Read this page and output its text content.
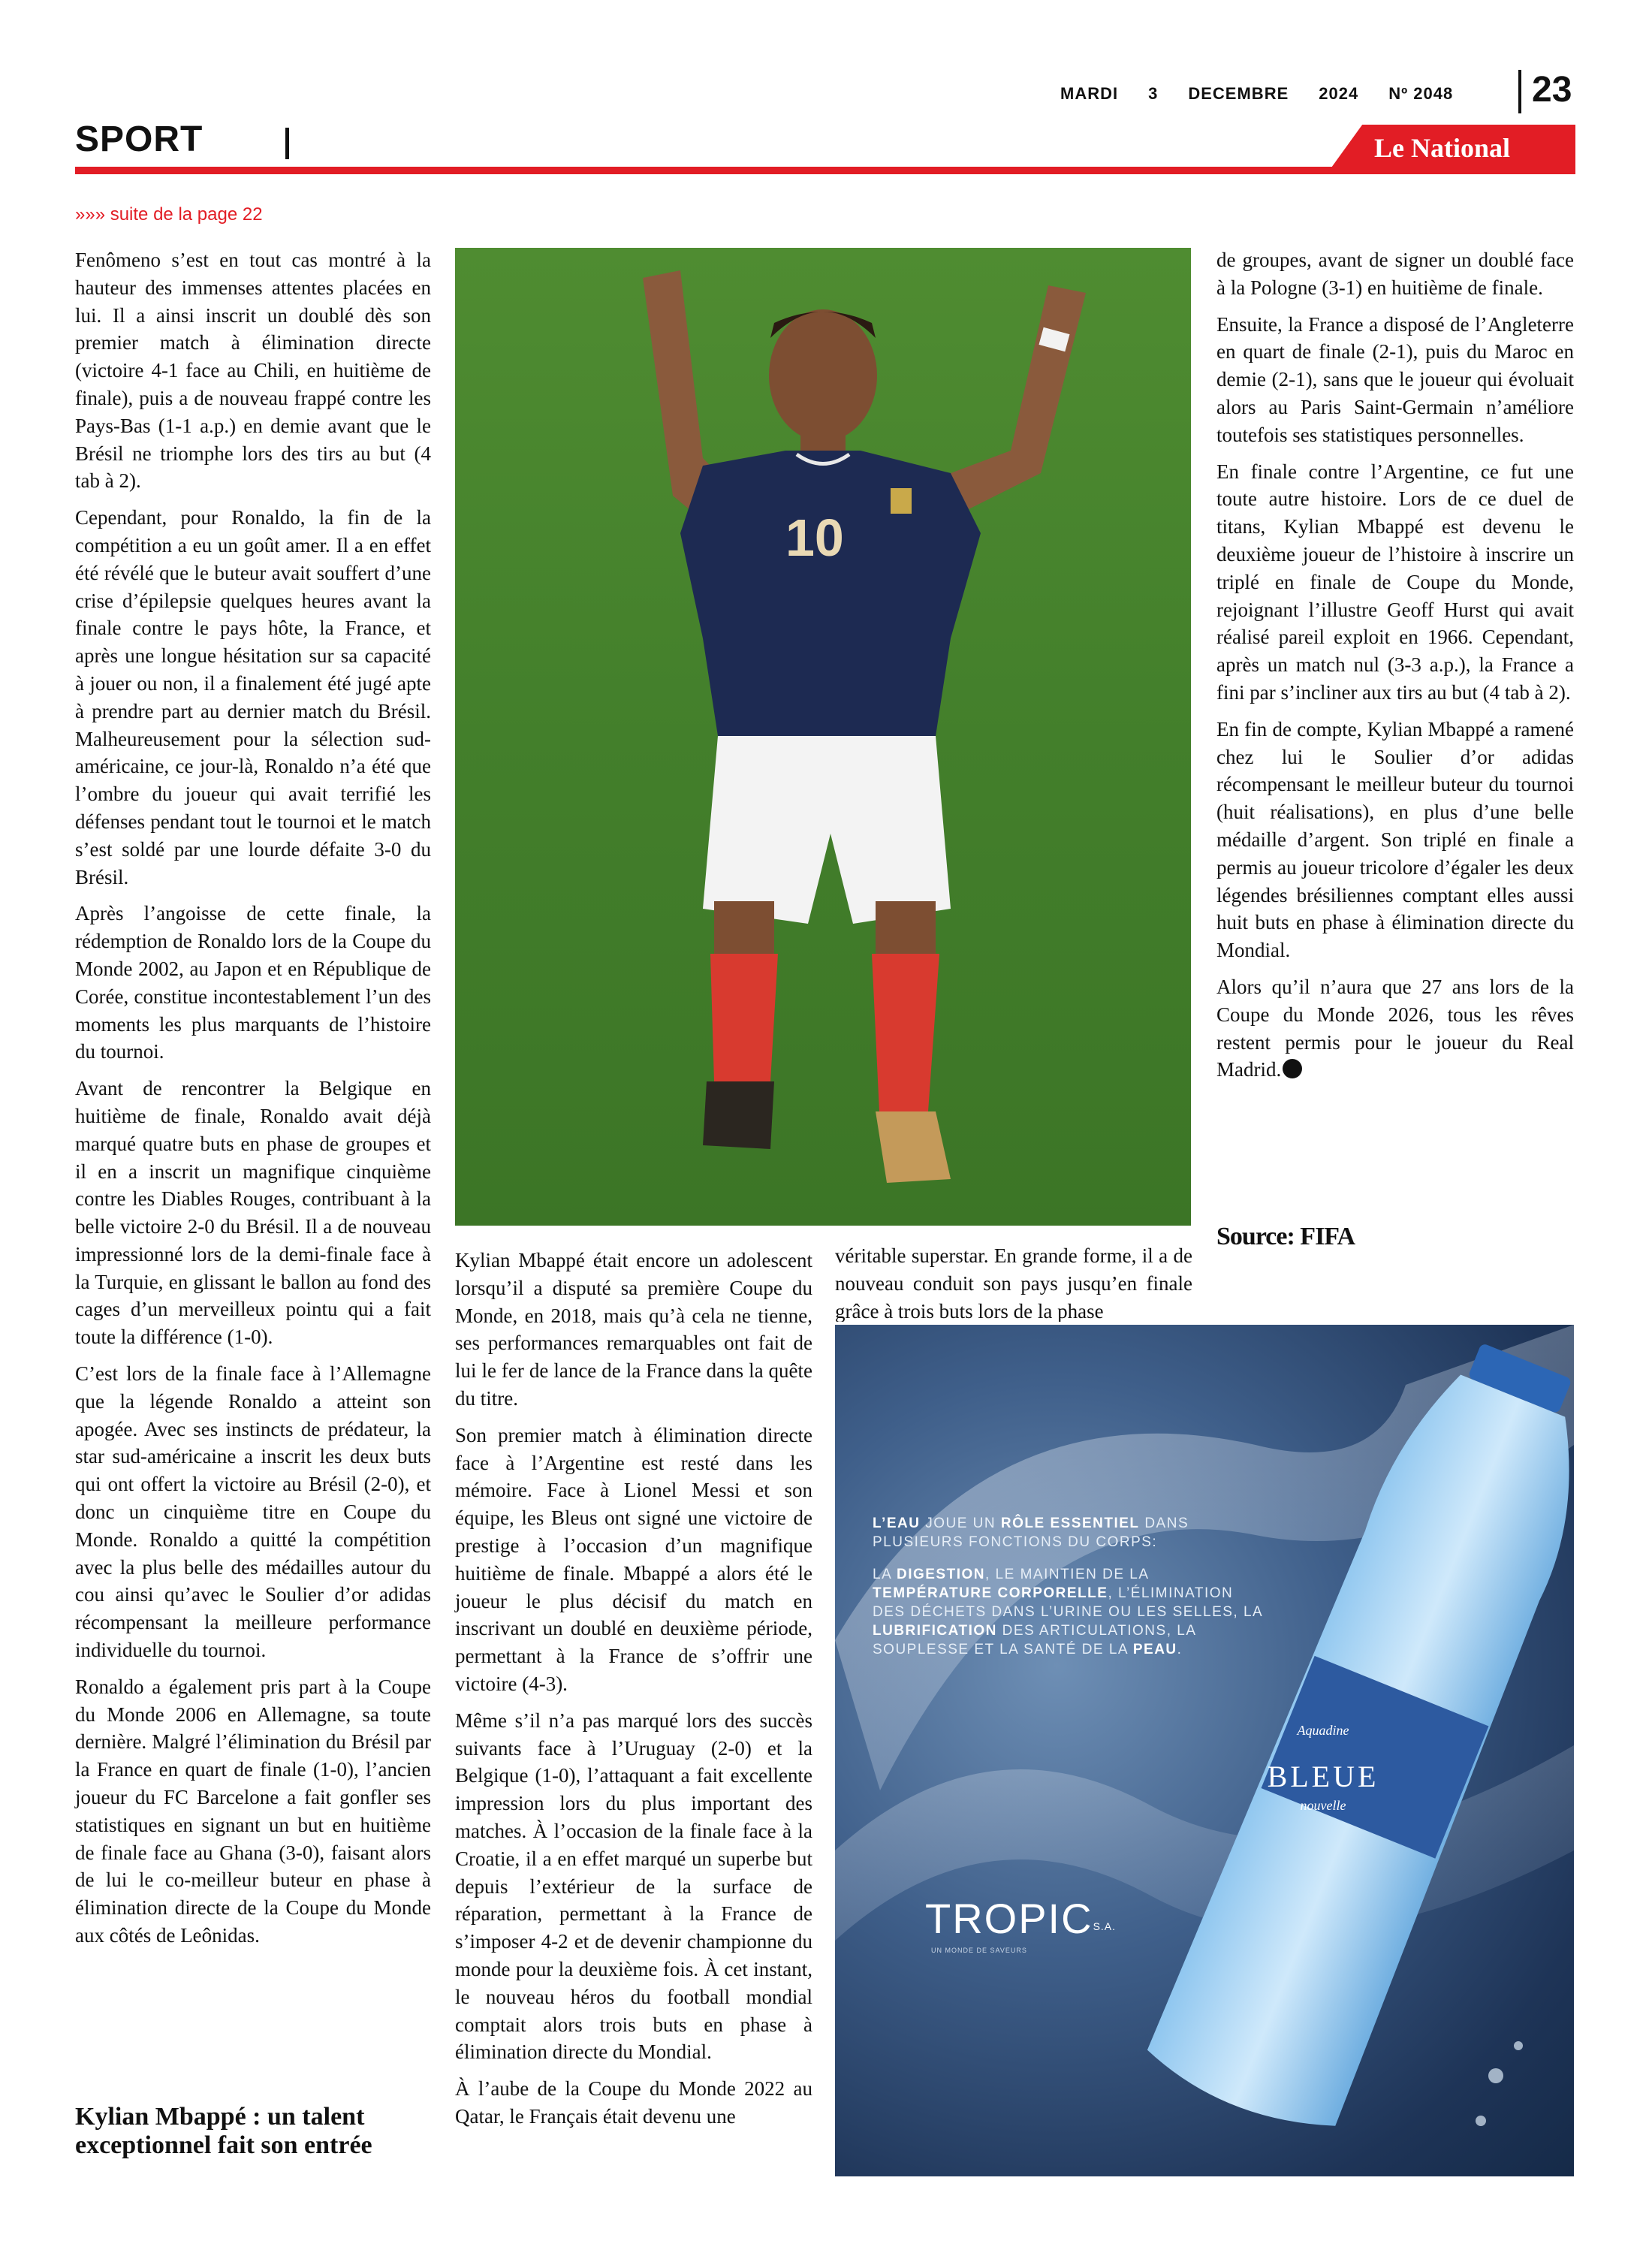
MARDI 3 DECEMBRE 2024 Nº 2048	23
SPORT	Le National
»»» suite de la page 22

Fenômeno s’est en tout cas montré à la hauteur des immenses attentes placées en lui. Il a ainsi inscrit un doublé dès son premier match à élimination directe (victoire 4-1 face au Chili, en huitième de finale), puis a de nouveau frappé contre les Pays-Bas (1-1 a.p.) en demie avant que le Brésil ne triomphe lors des tirs au but (4 tab à 2).

Cependant, pour Ronaldo, la fin de la compétition a eu un goût amer. Il a en effet été révélé que le buteur avait souffert d’une crise d’épilepsie quelques heures avant la finale contre le pays hôte, la France, et après une longue hésitation sur sa capacité à jouer ou non, il a finalement été jugé apte à prendre part au dernier match du Brésil. Malheureusement pour la sélection sud-américaine, ce jour-là, Ronaldo n’a été que l’ombre du joueur qui avait terrifié les défenses pendant tout le tournoi et le match s’est soldé par une lourde défaite 3-0 du Brésil.

Après l’angoisse de cette finale, la rédemption de Ronaldo lors de la Coupe du Monde 2002, au Japon et en République de Corée, constitue incontestablement l’un des moments les plus marquants de l’histoire du tournoi.

Avant de rencontrer la Belgique en huitième de finale, Ronaldo avait déjà marqué quatre buts en phase de groupes et il en a inscrit un magnifique cinquième contre les Diables Rouges, contribuant à la belle victoire 2-0 du Brésil. Il a de nouveau impressionné lors de la demi-finale face à la Turquie, en glissant le ballon au fond des cages d’un merveilleux pointu qui a fait toute la différence (1-0).

C’est lors de la finale face à l’Allemagne que la légende Ronaldo a atteint son apogée. Avec ses instincts de prédateur, la star sud-américaine a inscrit les deux buts qui ont offert la victoire au Brésil (2-0), et donc un cinquième titre en Coupe du Monde. Ronaldo a quitté la compétition avec la plus belle des médailles autour du cou ainsi qu’avec le Soulier d’or adidas récompensant la meilleure performance individuelle du tournoi.

Ronaldo a également pris part à la Coupe du Monde 2006 en Allemagne, sa toute dernière. Malgré l’élimination du Brésil par la France en quart de finale (1-0), l’ancien joueur du FC Barcelone a fait gonfler ses statistiques en signant un but en huitième de finale face au Ghana (3-0), faisant alors de lui le co-meilleur buteur en phase à élimination directe de la Coupe du Monde aux côtés de Leônidas.

Kylian Mbappé : un talent exceptionnel fait son entrée
10

Kylian Mbappé était encore un adolescent lorsqu’il a disputé sa première Coupe du Monde, en 2018, mais qu’à cela ne tienne, ses performances remarquables ont fait de lui le fer de lance de la France dans la quête du titre.

Son premier match à élimination directe face à l’Argentine est resté dans les mémoire. Face à Lionel Messi et son équipe, les Bleus ont signé une victoire de prestige à l’occasion d’un magnifique huitième de finale. Mbappé a alors été le joueur le plus décisif du match en inscrivant un doublé en deuxième période, permettant à la France de s’offrir une victoire (4-3).

Même s’il n’a pas marqué lors des succès suivants face à l’Uruguay (2-0) et la Belgique (1-0), l’attaquant a fait excellente impression lors du plus important des matches. À l’occasion de la finale face à la Croatie, il a en effet marqué un superbe but depuis l’extérieur de la surface de réparation, permettant à la France de s’imposer 4-2 et de devenir championne du monde pour la deuxième fois. À cet instant, le nouveau héros du football mondial comptait alors trois buts en phase à élimination directe du Mondial.

À l’aube de la Coupe du Monde 2022 au Qatar, le Français était devenu une

véritable superstar. En grande forme, il a de nouveau conduit son pays jusqu’en finale grâce à trois buts lors de la phase

de groupes, avant de signer un doublé face à la Pologne (3-1) en huitième de finale.

Ensuite, la France a disposé de l’Angleterre en quart de finale (2-1), puis du Maroc en demie (2-1), sans que le joueur qui évoluait alors au Paris Saint-Germain n’améliore toutefois ses statistiques personnelles.

En finale contre l’Argentine, ce fut une toute autre histoire. Lors de ce duel de titans, Kylian Mbappé est devenu le deuxième joueur de l’histoire à inscrire un triplé en finale de Coupe du Monde, rejoignant l’illustre Geoff Hurst qui avait réalisé pareil exploit en 1966. Cependant, après un match nul (3-3 a.p.), la France a fini par s’incliner aux tirs au but (4 tab à 2).

En fin de compte, Kylian Mbappé a ramené chez lui le Soulier d’or adidas récompensant le meilleur buteur du tournoi (huit réalisations), en plus d’une belle médaille d’argent. Son triplé en finale a permis au joueur tricolore d’égaler les deux légendes brésiliennes comptant elles aussi huit buts en phase à élimination directe du Mondial.

Alors qu’il n’aura que 27 ans lors de la Coupe du Monde 2026, tous les rêves restent permis pour le joueur du Real Madrid.

Source: FIFA

L’EAU JOUE UN RÔLE ESSENTIEL DANS PLUSIEURS FONCTIONS DU CORPS:

LA DIGESTION, LE MAINTIEN DE LA TEMPÉRATURE CORPORELLE, L’ÉLIMINATION DES DÉCHETS DANS L’URINE OU LES SELLES, LA LUBRIFICATION DES ARTICULATIONS, LA SOUPLESSE ET LA SANTÉ DE LA PEAU.

Aquadine
BLEUE
nouvelle
$TROPIC^{S.A.}$
UN MONDE DE SAVEURS
